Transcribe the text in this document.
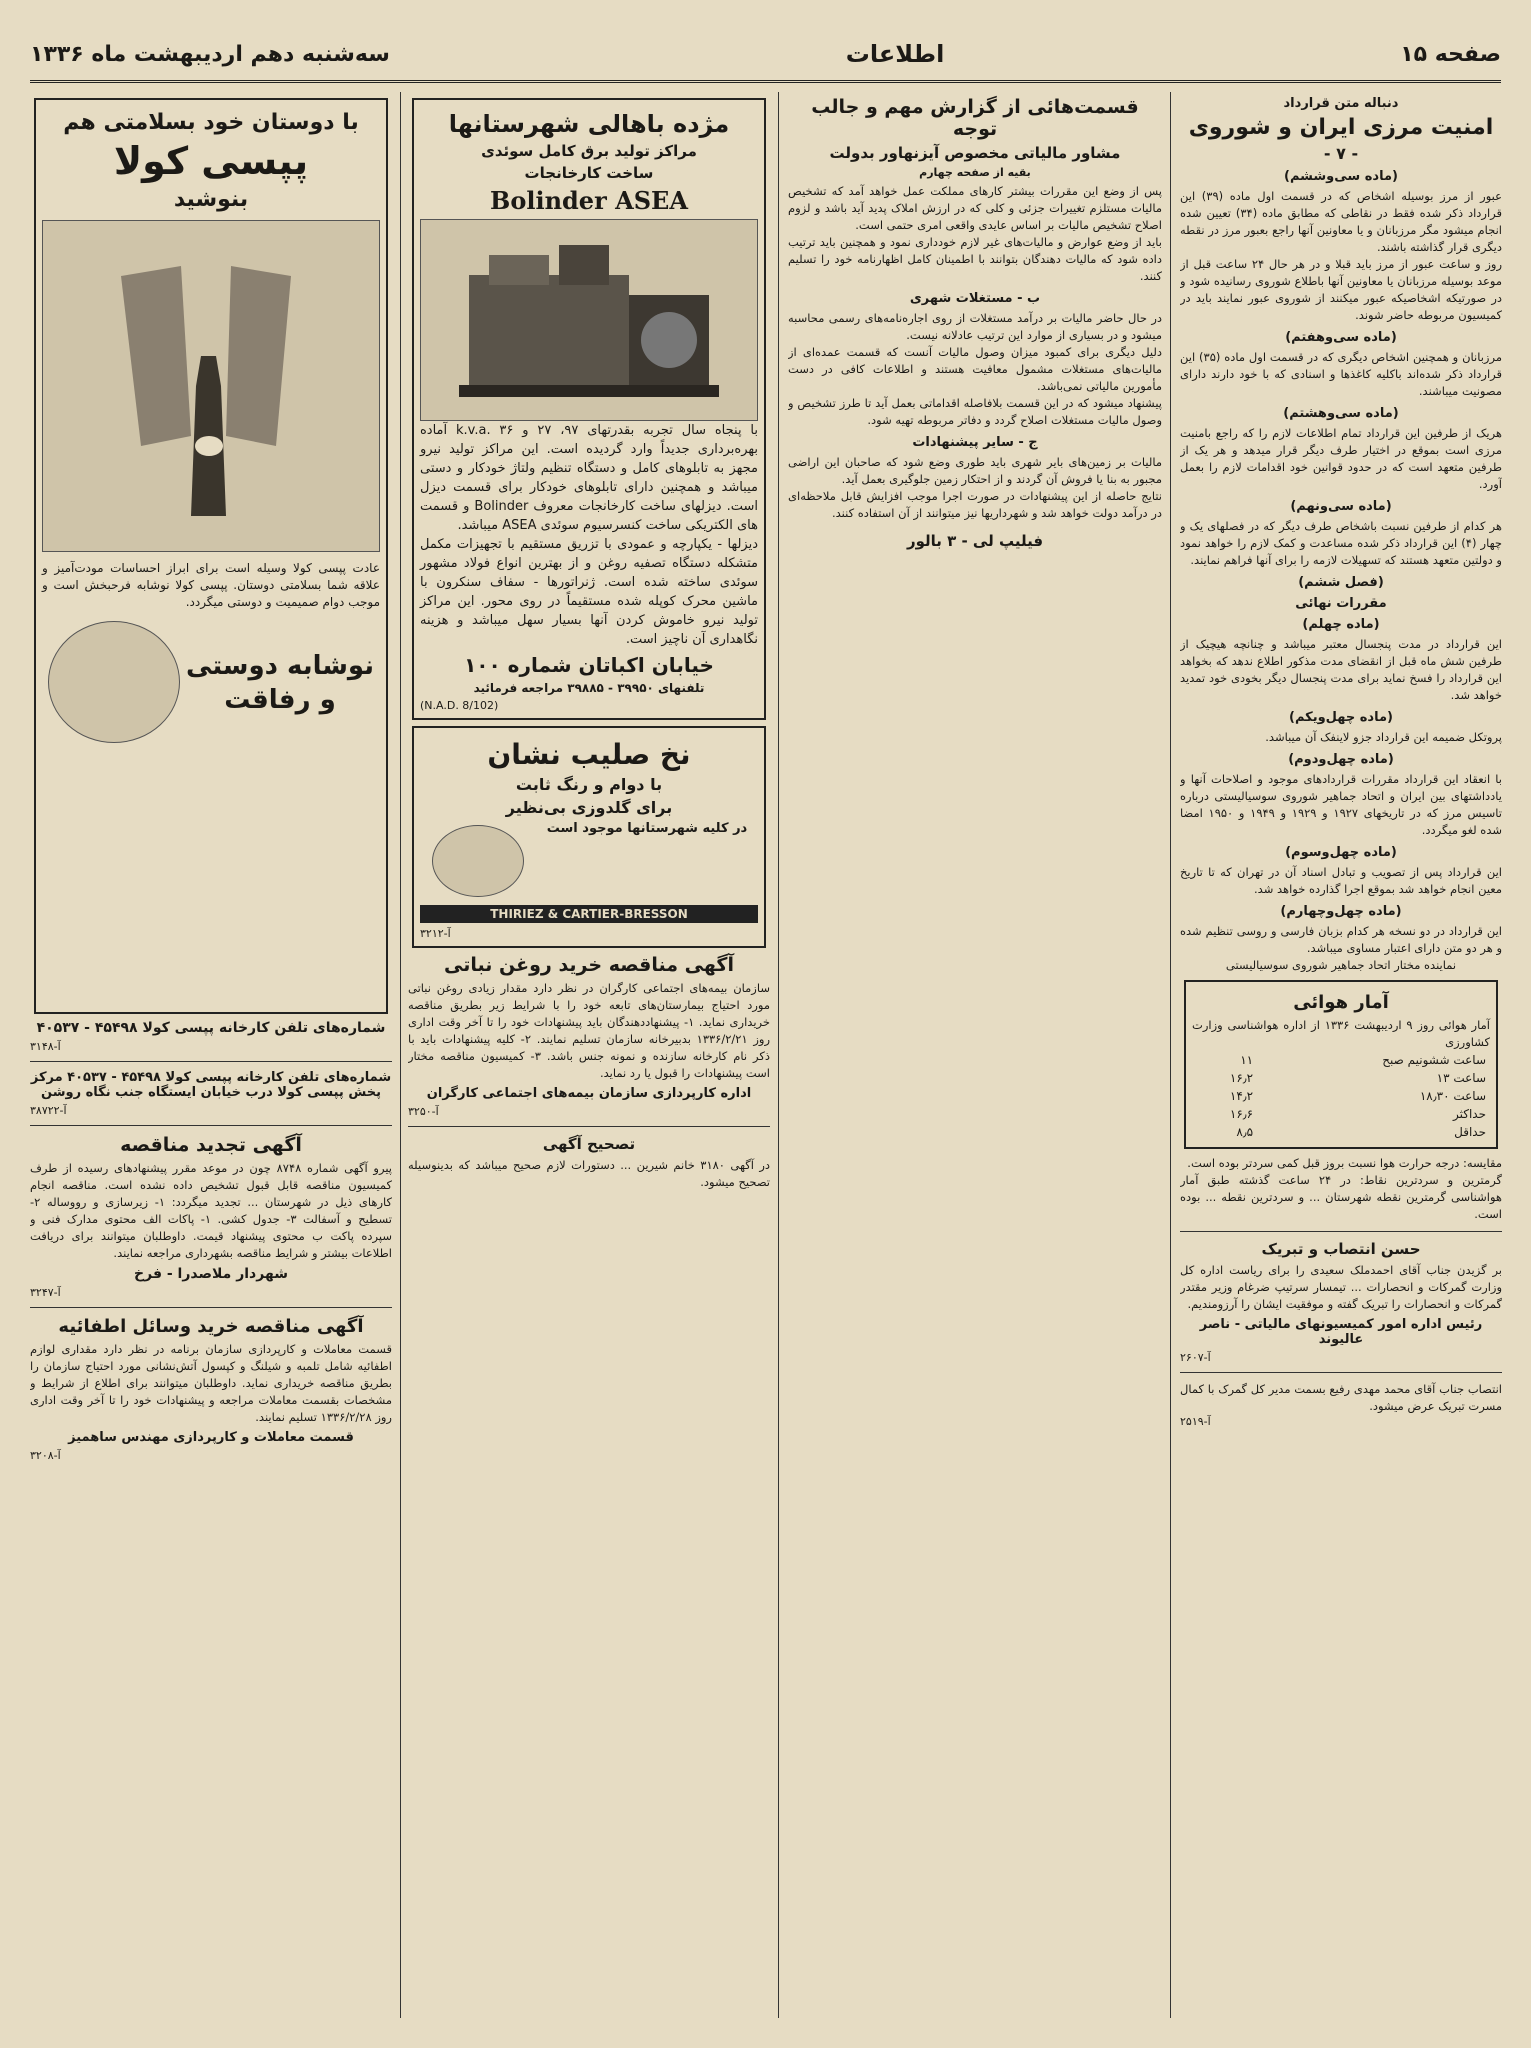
صفحه ۱۵
اطلاعات
سه‌شنبه دهم اردیبهشت ماه ۱۳۳۶
دنباله متن قرارداد
امنیت مرزی ایران و شوروی
- ۷ -
(ماده سی‌وششم)

عبور از مرز بوسیله اشخاص که در قسمت اول ماده (۳۹) این قرارداد ذکر شده فقط در نقاطی که مطابق ماده (۳۴) تعیین شده انجام میشود مگر مرزبانان و یا معاونین آنها راجع بعبور مرز در نقطه دیگری قرار گذاشته باشند.

روز و ساعت عبور از مرز باید قبلا و در هر حال ۲۴ ساعت قبل از موعد بوسیله مرزبانان یا معاونین آنها باطلاع شوروی رسانیده شود و در صورتیکه اشخاصیکه عبور میکنند از شوروی عبور نمایند باید در کمیسیون مربوطه حاضر شوند.

(ماده سی‌وهفتم)

مرزبانان و همچنین اشخاص دیگری که در قسمت اول ماده (۳۵) این قرارداد ذکر شده‌اند باکلیه کاغذها و اسنادی که با خود دارند دارای مصونیت میباشند.

(ماده سی‌وهشتم)

هریک از طرفین این قرارداد تمام اطلاعات لازم را که راجع بامنیت مرزی است بموقع در اختیار طرف دیگر قرار میدهد و هر یک از طرفین متعهد است که در حدود قوانین خود اقدامات لازم را بعمل آورد.

(ماده سی‌ونهم)

هر کدام از طرفین نسبت باشخاص طرف دیگر که در فصلهای یک و چهار (۴) این قرارداد ذکر شده مساعدت و کمک لازم را خواهد نمود و دولتین متعهد هستند که تسهیلات لازمه را برای آنها فراهم نمایند.

(فصل ششم)
مقررات نهائی
(ماده چهلم)

این قرارداد در مدت پنجسال معتبر میباشد و چنانچه هیچیک از طرفین شش ماه قبل از انقضای مدت مذکور اطلاع ندهد که بخواهد این قرارداد را فسخ نماید برای مدت پنجسال دیگر بخودی خود تمدید خواهد شد.

(ماده چهل‌ویکم)

پروتکل ضمیمه این قرارداد جزو لاینفک آن میباشد.

(ماده چهل‌ودوم)

با انعقاد این قرارداد مقررات قراردادهای موجود و اصلاحات آنها و یادداشتهای بین ایران و اتحاد جماهیر شوروی سوسیالیستی درباره تاسیس مرز که در تاریخهای ۱۹۲۷ و ۱۹۲۹ و ۱۹۴۹ و ۱۹۵۰ امضا شده لغو میگردد.

(ماده چهل‌وسوم)

این قرارداد پس از تصویب و تبادل اسناد آن در تهران که تا تاریخ معین انجام خواهد شد بموقع اجرا گذارده خواهد شد.

(ماده چهل‌وچهارم)

این قرارداد در دو نسخه هر کدام بزبان فارسی و روسی تنظیم شده و هر دو متن دارای اعتبار مساوی میباشد.

نماینده مختار اتحاد جماهیر شوروی سوسیالیستی

آمار هوائی

آمار هوائی روز ۹ اردیبهشت ۱۳۳۶ از اداره هواشناسی وزارت کشاورزی

ساعت ششونیم صبح	۱۱
ساعت ۱۳	۱۶٫۲
ساعت ۱۸٫۳۰	۱۴٫۲
حداکثر	۱۶٫۶
حداقل	۸٫۵

مقایسه: درجه حرارت هوا نسبت بروز قبل کمی سردتر بوده است.

گرمترین و سردترین نقاط: در ۲۴ ساعت گذشته طبق آمار هواشناسی گرمترین نقطه شهرستان ... و سردترین نقطه ... بوده است.

حسن انتصاب و تبریک

بر گزیدن جناب آقای احمدملک سعیدی را برای ریاست اداره کل وزارت گمرکات و انحصارات ... تیمسار سرتیپ ضرغام وزیر مقتدر گمرکات و انحصارات را تبریک گفته و موفقیت ایشان را آرزومندیم.

رئیس اداره امور کمیسیونهای مالیاتی - ناصر عالیوند
آ-۲۶۰۷

انتصاب جناب آقای محمد مهدی رفیع بسمت مدیر کل گمرک با کمال مسرت تبریک عرض میشود.

آ-۲۵۱۹
قسمت‌هائی از گزارش مهم و جالب توجه
مشاور مالیاتی مخصوص آیزنهاور بدولت
بقیه از صفحه چهارم

پس از وضع این مقررات بیشتر کارهای مملکت عمل خواهد آمد که تشخیص مالیات مستلزم تغییرات جزئی و کلی که در ارزش املاک پدید آید باشد و لزوم اصلاح تشخیص مالیات بر اساس عایدی واقعی امری حتمی است.

باید از وضع عوارض و مالیات‌های غیر لازم خودداری نمود و همچنین باید ترتیب داده شود که مالیات دهندگان بتوانند با اطمینان کامل اظهارنامه خود را تسلیم کنند.

ب - مستغلات شهری

در حال حاضر مالیات بر درآمد مستغلات از روی اجاره‌نامه‌های رسمی محاسبه میشود و در بسیاری از موارد این ترتیب عادلانه نیست.

دلیل دیگری برای کمبود میزان وصول مالیات آنست که قسمت عمده‌ای از مالیات‌های مستغلات مشمول معافیت هستند و اطلاعات کافی در دست مأمورین مالیاتی نمی‌باشد.

پیشنهاد میشود که در این قسمت بلافاصله اقداماتی بعمل آید تا طرز تشخیص و وصول مالیات مستغلات اصلاح گردد و دفاتر مربوطه تهیه شود.

ج - سایر پیشنهادات

مالیات بر زمین‌های بایر شهری باید طوری وضع شود که صاحبان این اراضی مجبور به بنا یا فروش آن گردند و از احتکار زمین جلوگیری بعمل آید.

نتایج حاصله از این پیشنهادات در صورت اجرا موجب افزایش قابل ملاحظه‌ای در درآمد دولت خواهد شد و شهرداریها نیز میتوانند از آن استفاده کنند.

فیلیپ لی - ۳ بالور
مژده باهالی شهرستانها
مراکز تولید برق کامل سوئدی
ساخت کارخانجات
Bolinder ASEA

با پنجاه سال تجربه بقدرتهای ۹۷، ۲۷ و ۳۶ .k.v.a آماده بهره‌برداری جدیداً وارد گردیده است. این مراکز تولید نیرو مجهز به تابلوهای کامل و دستگاه تنظیم ولتاژ خودکار و دستی میباشد و همچنین دارای تابلوهای خودکار برای قسمت دیزل است. دیزلهای ساخت کارخانجات معروف Bolinder و قسمت های الکتریکی ساخت کنسرسیوم سوئدی ASEA میباشد.

دیزلها - یکپارچه و عمودی با تزریق مستقیم با تجهیزات مکمل متشکله دستگاه تصفیه روغن و از بهترین انواع فولاد مشهور سوئدی ساخته شده است. ژنراتورها - سفاف سنکرون با ماشین محرک کوپله شده مستقیماً در روی محور. این مراکز تولید نیرو خاموش کردن آنها بسیار سهل میباشد و هزینه نگاهداری آن ناچیز است.

خیابان اکباتان شماره ۱۰۰
تلفنهای ۳۹۹۵۰ - ۳۹۸۸۵ مراجعه فرمائید
(N.A.D. 8/102)
نخ صلیب نشان
با دوام و رنگ ثابت
برای گلدوزی بی‌نظیر
در کلیه شهرستانها موجود است
THIRIEZ & CARTIER-BRESSON
آ-۳۲۱۲
آگهی مناقصه خرید روغن نباتی

سازمان بیمه‌های اجتماعی کارگران در نظر دارد مقدار زیادی روغن نباتی مورد احتیاج بیمارستان‌های تابعه خود را با شرایط زیر بطریق مناقصه خریداری نماید. ۱- پیشنهاددهندگان باید پیشنهادات خود را تا آخر وقت اداری روز ۱۳۳۶/۲/۲۱ بدبیرخانه سازمان تسلیم نمایند. ۲- کلیه پیشنهادات باید با ذکر نام کارخانه سازنده و نمونه جنس باشد. ۳- کمیسیون مناقصه مختار است پیشنهادات را قبول یا رد نماید.

اداره کارپردازی سازمان بیمه‌های اجتماعی کارگران
آ-۳۲۵۰
تصحیح آگهی

در آگهی ۳۱۸۰ خانم شیرین ... دستورات لازم صحیح میباشد که بدینوسیله تصحیح میشود.

با دوستان خود بسلامتی هم
پپسی کولا
بنوشید

عادت پپسی کولا وسیله است برای ابراز احساسات مودت‌آمیز و علاقه شما بسلامتی دوستان. پپسی کولا نوشابه فرحبخش است و موجب دوام صمیمیت و دوستی میگردد.

نوشابه دوستی
و رفاقت
شماره‌های تلفن کارخانه پپسی کولا ۴۵۴۹۸ - ۴۰۵۳۷
آ-۳۱۴۸
شماره‌های تلفن کارخانه پپسی کولا ۴۵۴۹۸ - ۴۰۵۳۷ مرکز پخش پپسی کولا درب خیابان ایستگاه جنب نگاه روشن
آ-۳۸۷۲۲
آگهی تجدید مناقصه

پیرو آگهی شماره ۸۷۴۸ چون در موعد مقرر پیشنهادهای رسیده از طرف کمیسیون مناقصه قابل قبول تشخیص داده نشده است. مناقصه انجام کارهای ذیل در شهرستان ... تجدید میگردد: ۱- زیرسازی و رووساله ۲- تسطیح و آسفالت ۳- جدول کشی. ۱- پاکات الف محتوی مدارک فنی و سپرده پاکت ب محتوی پیشنهاد قیمت. داوطلبان میتوانند برای دریافت اطلاعات بیشتر و شرایط مناقصه بشهرداری مراجعه نمایند.

شهردار ملاصدرا - فرخ
آ-۳۲۴۷
آگهی مناقصه خرید وسائل اطفائیه

قسمت معاملات و کارپردازی سازمان برنامه در نظر دارد مقداری لوازم اطفائیه شامل تلمبه و شیلنگ و کپسول آتش‌نشانی مورد احتیاج سازمان را بطریق مناقصه خریداری نماید. داوطلبان میتوانند برای اطلاع از شرایط و مشخصات بقسمت معاملات مراجعه و پیشنهادات خود را تا آخر وقت اداری روز ۱۳۳۶/۲/۲۸ تسلیم نمایند.

قسمت معاملات و کارپردازی مهندس ساهمیز
آ-۳۲۰۸
